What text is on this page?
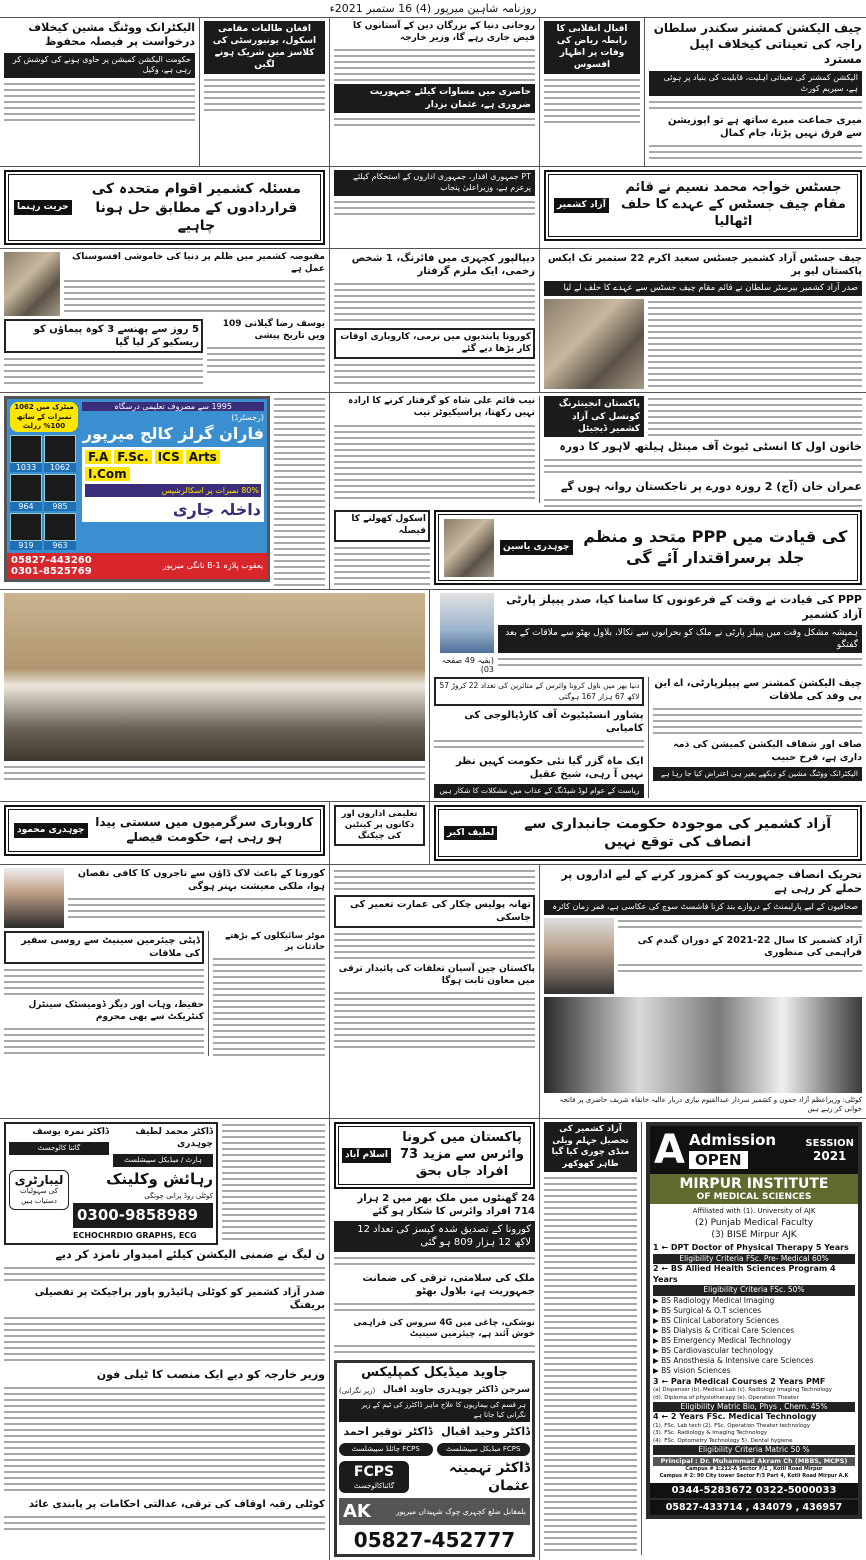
روزنامہ شاہین میرپور (4) 16 ستمبر 2021ء
چیف الیکشن کمشنر سکندر سلطان راجہ کی تعیناتی کیخلاف اپیل مسترد
الیکشن کمشنر کی تعیناتی اہلیت، قابلیت کی بنیاد پر ہوئی ہے، سپریم کورٹ
میری جماعت میرے ساتھ ہے تو اپوزیشن سے فرق نہیں پڑتا، جام کمال
اقبال انقلابی کا رابطہ ریاض کی وفات پر اظہار افسوس
روحانی دنیا کے بزرگان دین کے آستانوں کا فیض جاری رہے گا، وزیر خارجہ
حاضری میں مساوات کیلئے جمہوریت ضروری ہے، عثمان بزدار
افغان طالبات مقامی اسکول، یونیورسٹی کی کلاسز میں شریک ہونے لگیں
الیکٹرانک ووٹنگ مشین کیخلاف درخواست پر فیصلہ محفوظ
حکومت الیکشن کمیشن پر حاوی ہونے کی کوشش کر رہی ہے، وکیل
جسٹس خواجہ محمد نسیم نے قائم مقام چیف جسٹس کے عہدے کا حلف اٹھالیا
آزاد کشمیر
PT جمہوری اقدار، جمہوری اداروں کے استحکام کیلئے پرعزم ہے، وزیراعلیٰ پنجاب
مسئلہ کشمیر اقوام متحدہ کی قراردادوں کے مطابق حل ہونا چاہیے
حریت رہنما
چیف جسٹس آزاد کشمیر جسٹس سعید اکرم 22 ستمبر تک ایکس پاکستان لیو پر
صدر آزاد کشمیر بیرسٹر سلطان نے قائم مقام چیف جسٹس سے عہدے کا حلف لے لیا
دیپالپور کچہری میں فائرنگ، 1 شخص زخمی، ایک ملزم گرفتار
کورونا پابندیوں میں نرمی، کاروباری اوقات کار بڑھا دیے گئے
مقبوضہ کشمیر میں ظلم پر دنیا کی خاموشی افسوسناک عمل ہے
یوسف رضا گیلانی 109 ویں تاریخ پیشی
5 روز سے پھنسے 3 کوہ پیماؤں کو ریسکیو کر لیا گیا
پاکستان انجینئرنگ کونسل کی آزاد کشمیر ڈیجیٹل
خاتون اول کا انسٹی ٹیوٹ آف مینٹل ہیلتھ لاہور کا دورہ
عمران خان (آج) 2 روزہ دورے پر تاجکستان روانہ ہوں گے
نیب قائم علی شاہ کو گرفتار کرنے کا ارادہ نہیں رکھتا، پراسیکیوٹر نیب
کی قیادت میں PPP متحد و منظم جلد برسراقتدار آئے گی
چوہدری یاسین
اسکول کھولنے کا فیصلہ
میٹرک میں 1062 نمبرات کے ساتھ 100% رزلٹ
1033	1062
964	985
919	963
1995 سے مصروف تعلیمی درسگاہ
(رجسٹرڈ)
فاران گرلز کالج میرپور
F.A F.Sc. ICS Arts
I.Com
80% نمبرات پر اسکالرشپس
داخلہ جاری
05827-443260
0301-8525769	یعقوب پلازہ B-1 نانگی میرپور
PPP کی قیادت نے وقت کے فرعونوں کا سامنا کیا، صدر پیپلز پارٹی آزاد کشمیر
ہمیشہ مشکل وقت میں پیپلز پارٹی نے ملک کو بحرانوں سے نکالا، بلاول بھٹو سے ملاقات کے بعد گفتگو
(بقیہ 49 صفحہ 03)
چیف الیکشن کمشنر سے پیپلزپارٹی، اے این پی وفد کی ملاقات
صاف اور شفاف الیکشن کمیشن کی ذمہ داری ہے، فرخ حبیب
الیکٹرانک ووٹنگ مشین کو دیکھے بغیر ہی اعتراض کیا جا رہا ہے
دنیا بھر میں ناول کرونا وائرس کے متاثرین کی تعداد 22 کروڑ 57 لاکھ 67 ہزار 167 ہوگئی
پشاور انسٹیٹیوٹ آف کارڈیالوجی کی کامیابی
ایک ماہ گزر گیا نئی حکومت کہیں نظر نہیں آ رہی، شیخ عقیل
ریاست کے عوام لوڈ شیڈنگ کے عذاب میں مشکلات کا شکار ہیں
آزاد کشمیر کی موجودہ حکومت جانبداری سے انصاف کی توقع نہیں
لطیف اکبر
تعلیمی اداروں اور دکانوں پر کینٹین کی چیکنگ
کاروباری سرگرمیوں میں سستی پیدا ہو رہی ہے، حکومت فیصلے
چوہدری محمود
تحریک انصاف جمہوریت کو کمزور کرنے کے لیے اداروں پر حملے کر رہی ہے
صحافیوں کے لیے پارلیمنٹ کے دروازے بند کرنا فاشسٹ سوچ کی عکاسی ہے، قمر زمان کائرہ
آزاد کشمیر کا سال 22-2021 کے دوران گندم کی فراہمی کی منظوری
کوٹلی: وزیراعظم آزاد جموں و کشمیر سردار عبدالقیوم نیازی دربار عالیہ خانقاہ شریف حاضری پر فاتحہ خوانی کر رہے ہیں
تھانہ پولیس چکار کی عمارت تعمیر کی جاسکی
پاکستان چین آسیان تعلقات کی پائیدار ترقی میں معاون ثابت ہوگا
کورونا کے باعث لاک ڈاؤن سے تاجروں کا کافی نقصان ہوا، ملکی معیشت بہتر ہوگی
موٹر سائیکلوں کے بڑھتے حادثات پر
ڈپٹی چیئرمین سینیٹ سے روسی سفیر کی ملاقات
حفیظ، وہاب اور دیگر ڈومیسٹک سینٹرل کنٹریکٹ سے بھی محروم
A Admission
OPEN
SESSION
2021
MIRPUR INSTITUTE
OF MEDICAL SCIENCES
Affiliated with (1). University of AJK
(2) Punjab Medical Faculty
(3) BISE Mirpur AJK
1 ← DPT Doctor of Physical Therapy 5 Years
Eligibility Criteria FSc. Pre- Medical 60%
2 ← BS Allied Health Sciences Program 4 Years
Eligibility Criteria FSc. 50%
▶ BS Radiology Medical Imaging
▶ BS Surgical & O.T sciences
▶ BS Clinical Laboratory Sciences
▶ BS Dialysis & Critical Care Sciences
▶ BS Emergency Medical Technology
▶ BS Cardiovascular technology
▶ BS Anosthesia & Intensive care Sciences
▶ BS vision Sciences
3 ← Para Medical Courses 2 Years PMF
(a) Dispenser (b). Medical Lab (c). Radiology Imaging Technology
(d). Diploma of physiotherapy (e). Operation Theater
Eligibility Matric Bio, Phys , Chem. 45%
4 ← 2 Years FSc. Medical Technology
(1). FSc. Lab tech (2). FSc. Operation Theater technology
(3). FSc. Radiology & Imaging Technology
(4). FSc. Optometry Technology 5). Dental hygiene
Eligibility Criteria Matric 50 %
Principal : Dr. Muhammad Akram Ch (MBBS, MCPS)
Campus # 1:212-A Sector F/1 , Kotli Road Mirpur
Campus # 2: 90 City tower Sector F/3 Part 4, Kotli Road Mirpur A.K
0344-5283672 0322-5000033
05827-433714 , 434079 , 436957
آزاد کشمیر کی تحصیل جہلم ویلی منڈی چوری کیا گیا طاہر کھوکھر
پاکستان میں کرونا وائرس سے مزید 73 افراد جاں بحق
اسلام آباد
24 گھنٹوں میں ملک بھر میں 2 ہزار 714 افراد وائرس کا شکار ہو گئے
کورونا کے تصدیق شدہ کیسز کی تعداد 12 لاکھ 12 ہزار 809 ہو گئی
ملک کی سلامتی، ترقی کی ضمانت جمہوریت ہے، بلاول بھٹو
نوشکی، چاغی میں 4G سروس کی فراہمی خوش آئند ہے، چیئرمین سینیٹ
جاوید میڈیکل کمپلیکس
سرجن ڈاکٹر چوہدری جاوید اقبال
(زیر نگرانی)
ہر قسم کی بیماریوں کا علاج ماہر ڈاکٹرز کی ٹیم کے زیر نگرانی کیا جاتا ہے
ڈاکٹر وحید اقبال
FCPS میڈیکل سپیشلسٹ
ڈاکٹر توقیر احمد
FCPS چائلڈ سپیشلسٹ
ڈاکٹر تہمینہ عثمان
FCPS
گائناکالوجسٹ
AK	بلمقابل ضلع کچہری چوک شہیداں میرپور
05827-452777
ڈاکٹر محمد لطیف چوہدری
ہارٹ / میڈیکل سپیشلسٹ
ڈاکٹر نمرہ یوسف
گائنا کالوجسٹ
رہائش وکلینک
کوٹلی روڈ پرانی چونگی
0300-9858989
ECHOCHRDIO GRAPHS, ECG
لیبارٹری
کی سہولیات دستیاب ہیں
ن لیگ نے ضمنی الیکشن کیلئے امیدوار نامزد کر دیے
صدر آزاد کشمیر کو کوٹلی ہائیڈرو پاور پراجیکٹ پر تفصیلی بریفنگ
وزیر خارجہ کو دیے ایک منصب کا ٹیلی فون
کوٹلی رقبہ اوقاف کی ترقی، عدالتی احکامات پر پابندی عائد
